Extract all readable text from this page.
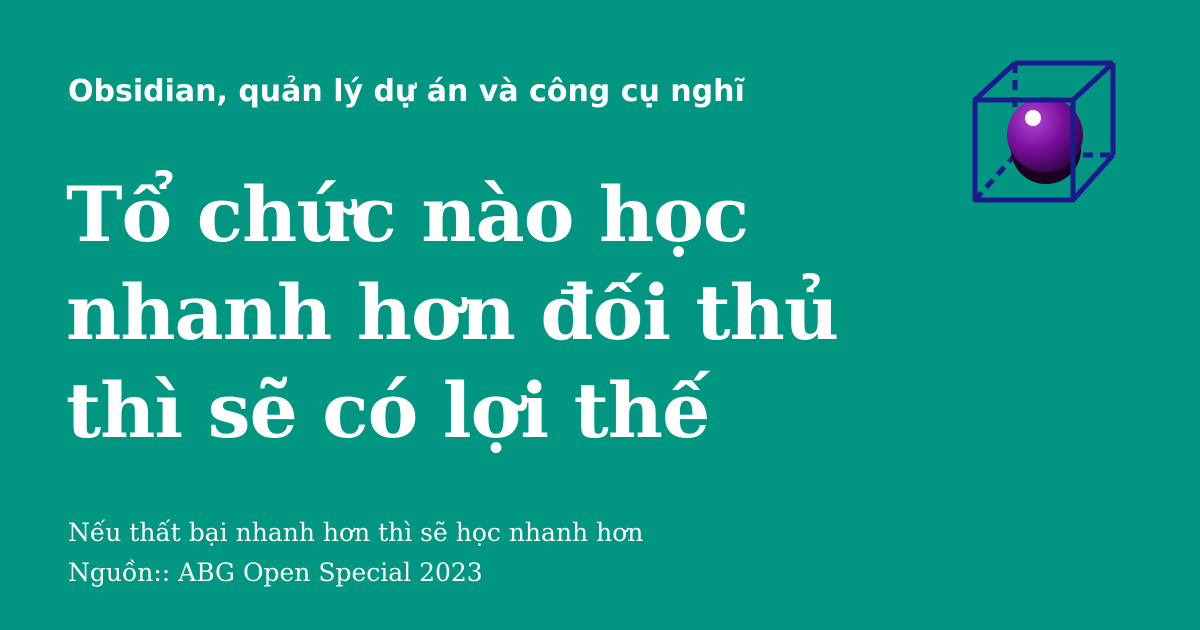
Obsidian, quản lý dự án và công cụ nghĩ
Tổ chức nào học
nhanh hơn đối thủ
thì sẽ có lợi thế
Nếu thất bại nhanh hơn thì sẽ học nhanh hơn
Nguồn:: ABG Open Special 2023
